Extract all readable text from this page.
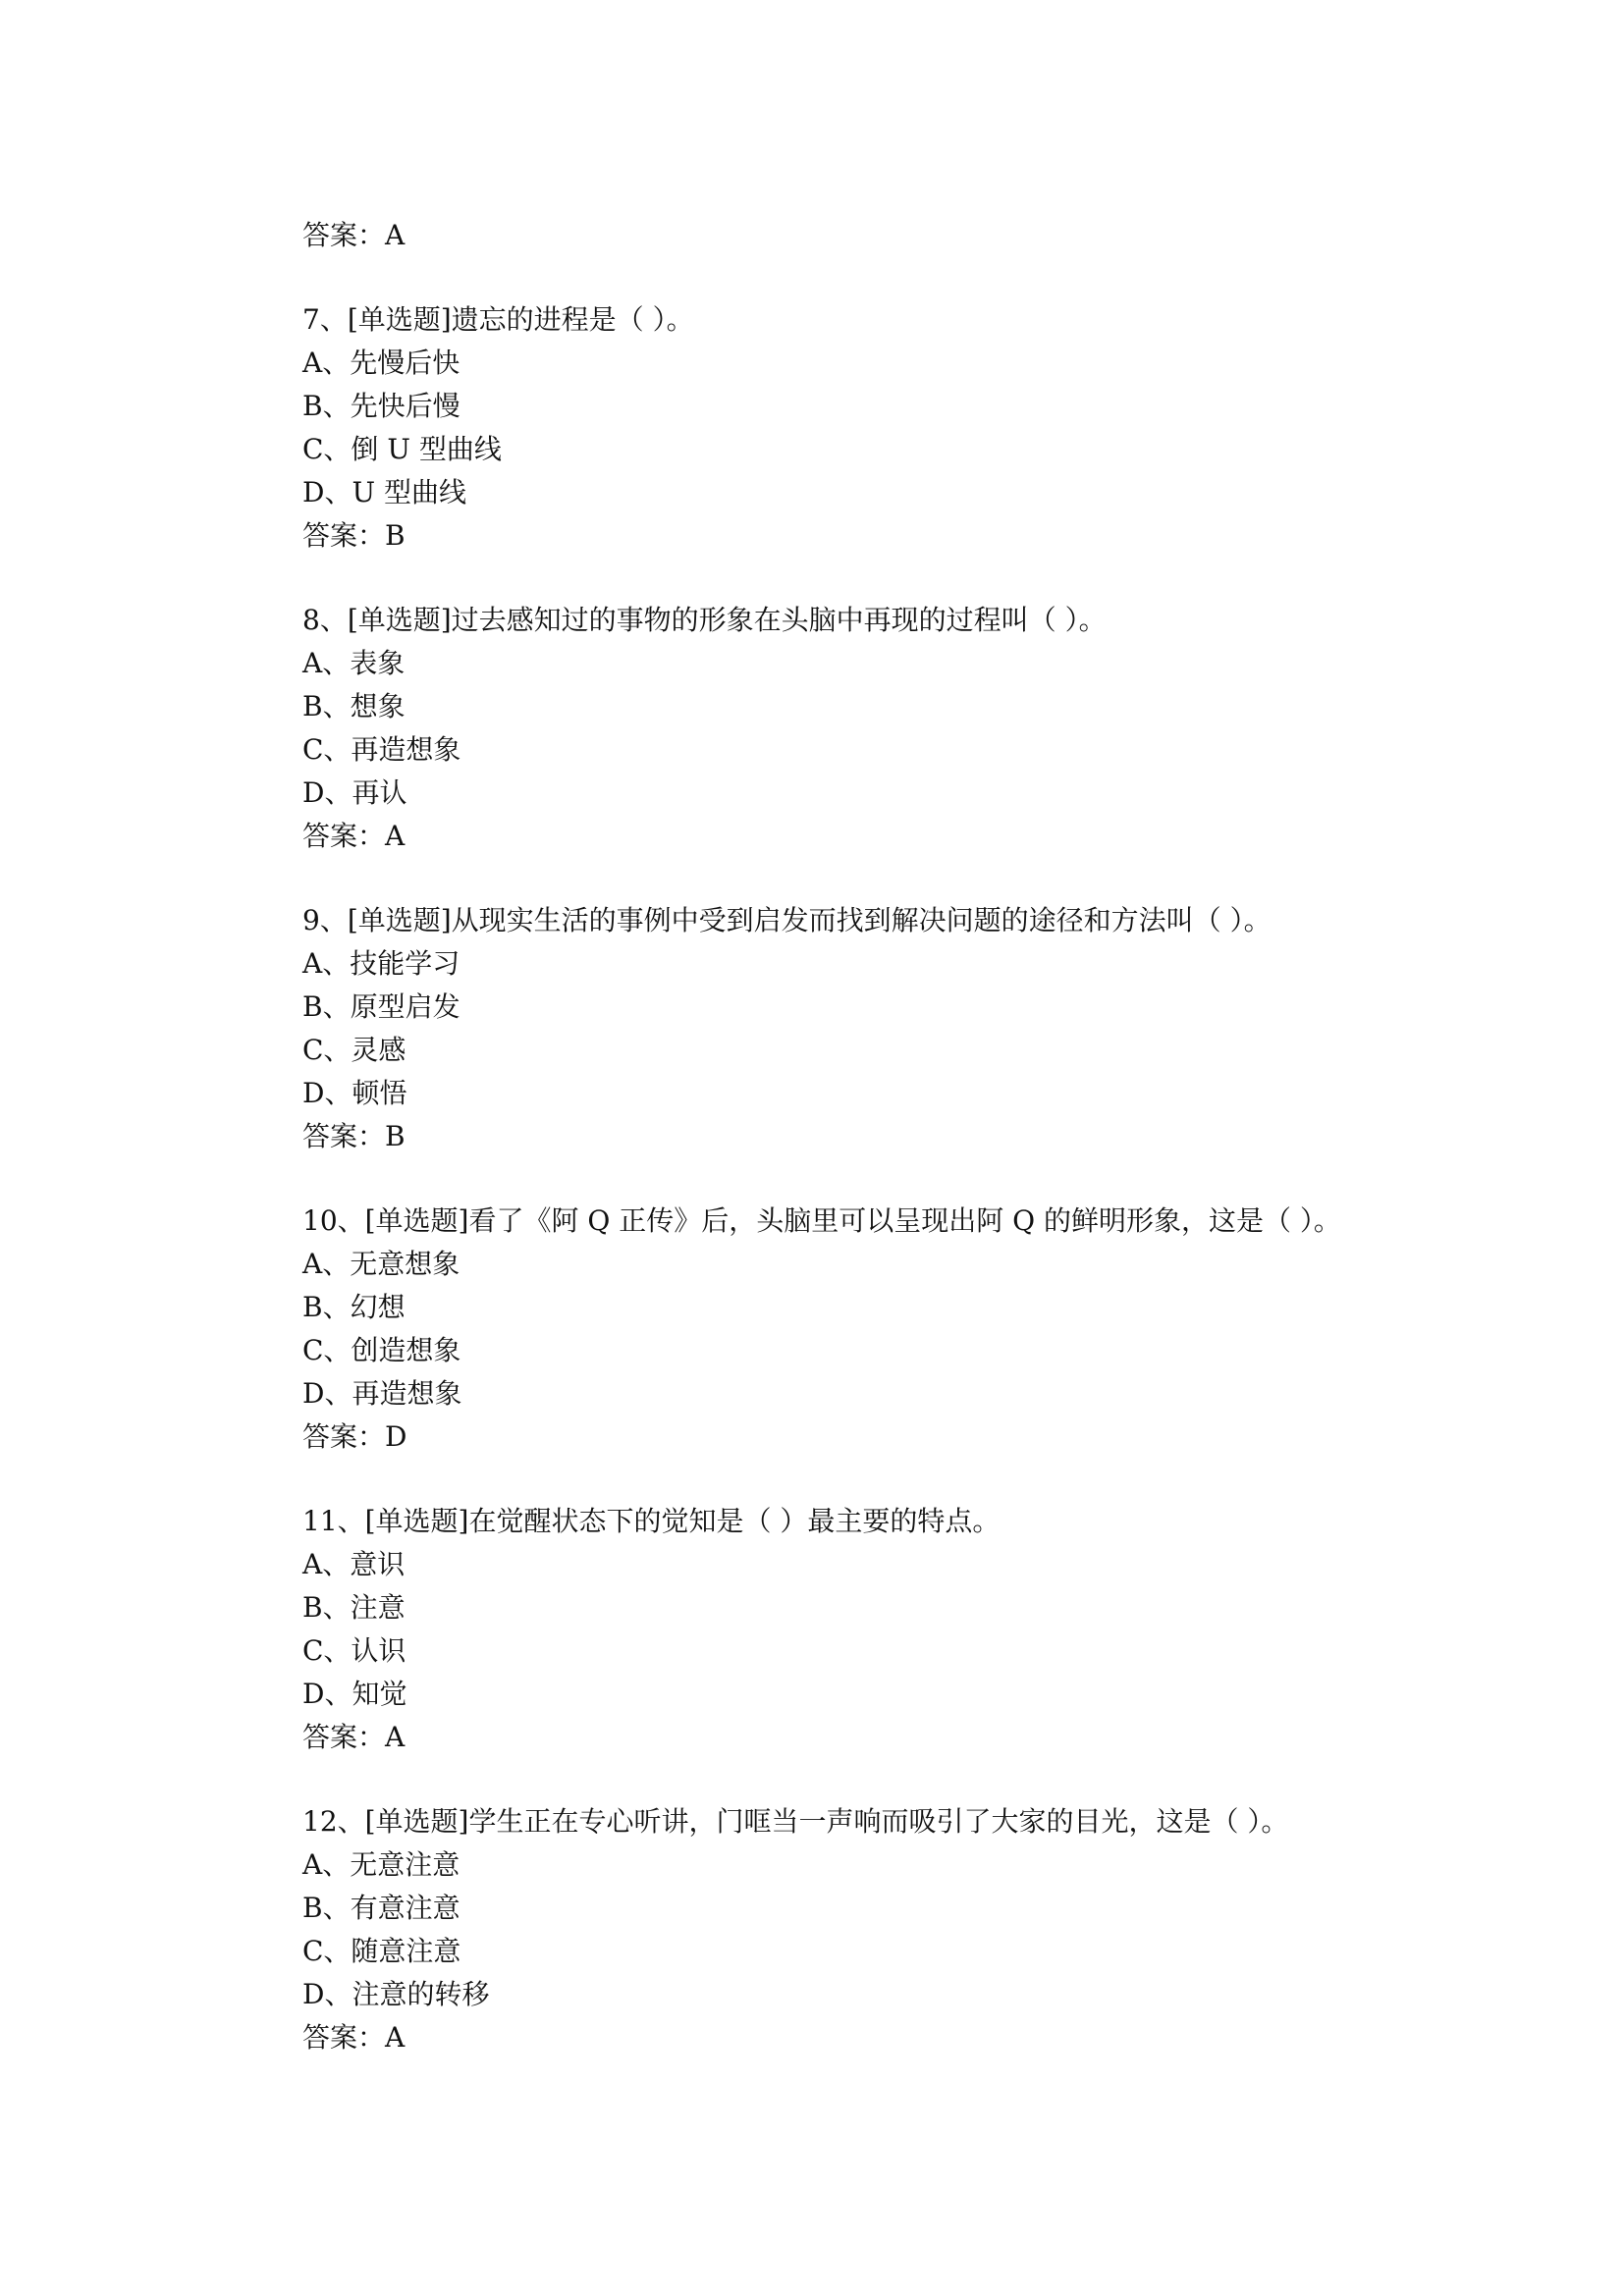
答案：A
7、[单选题]遗忘的进程是（ ）。
A、先慢后快
B、先快后慢
C、倒 U 型曲线
D、U 型曲线
答案：B
8、[单选题]过去感知过的事物的形象在头脑中再现的过程叫（ ）。
A、表象
B、想象
C、再造想象
D、再认
答案：A
9、[单选题]从现实生活的事例中受到启发而找到解决问题的途径和方法叫（ ）。
A、技能学习
B、原型启发
C、灵感
D、顿悟
答案：B
10、[单选题]看了《阿 Q 正传》后，头脑里可以呈现出阿 Q 的鲜明形象，这是（ ）。
A、无意想象
B、幻想
C、创造想象
D、再造想象
答案：D
11、[单选题]在觉醒状态下的觉知是（ ）最主要的特点。
A、意识
B、注意
C、认识
D、知觉
答案：A
12、[单选题]学生正在专心听讲，门哐当一声响而吸引了大家的目光，这是（ ）。
A、无意注意
B、有意注意
C、随意注意
D、注意的转移
答案：A
